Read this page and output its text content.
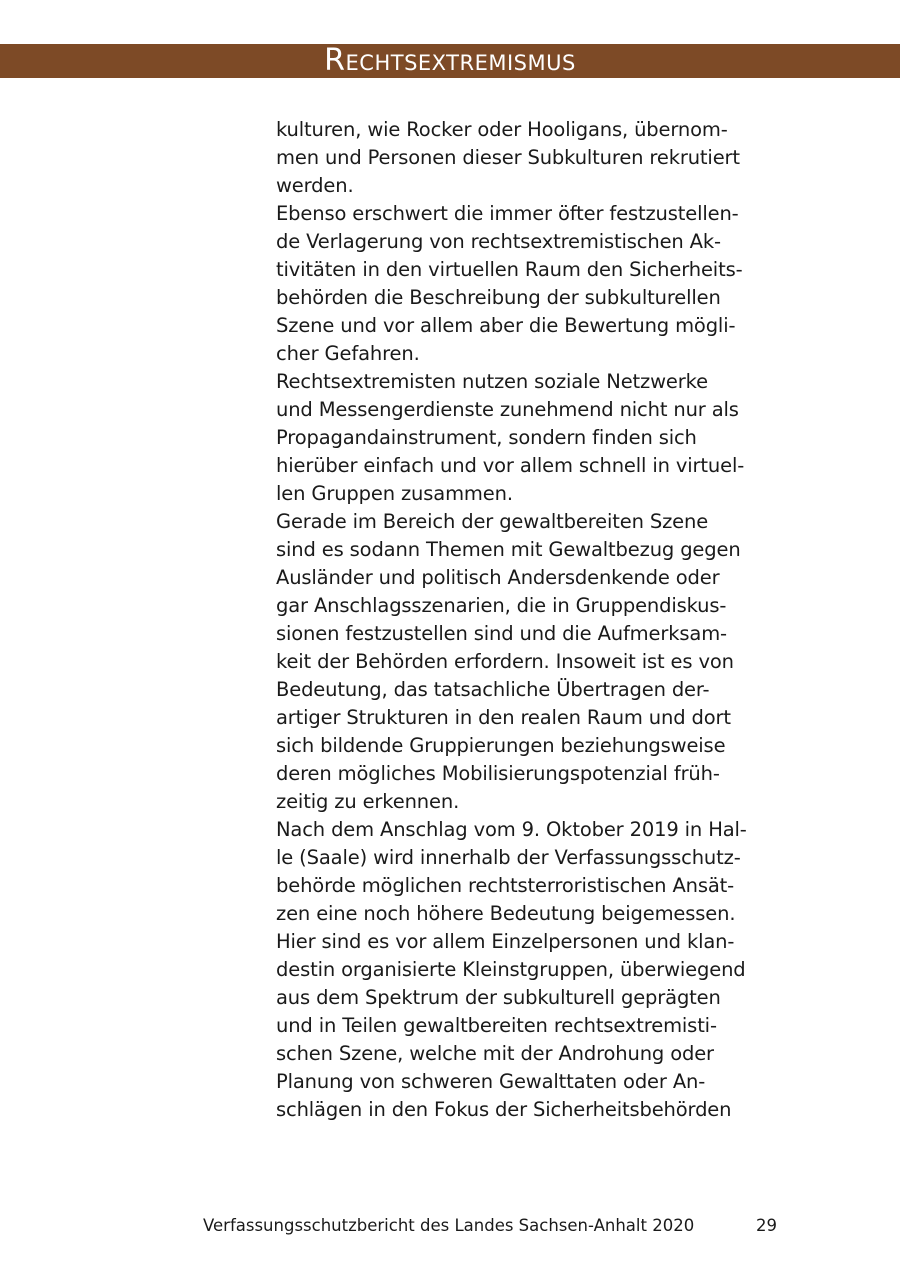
Rechtsextremismus
kulturen, wie Rocker oder Hooligans, übernom-
men und Personen dieser Subkulturen rekrutiert
werden.
Ebenso erschwert die immer öfter festzustellen-
de Verlagerung von rechtsextremistischen Ak-
tivitäten in den virtuellen Raum den Sicherheits-
behörden die Beschreibung der subkulturellen
Szene und vor allem aber die Bewertung mögli-
cher Gefahren.
Rechtsextremisten nutzen soziale Netzwerke
und Messengerdienste zunehmend nicht nur als
Propagandainstrument, sondern finden sich
hierüber einfach und vor allem schnell in virtuel-
len Gruppen zusammen.
Gerade im Bereich der gewaltbereiten Szene
sind es sodann Themen mit Gewaltbezug gegen
Ausländer und politisch Andersdenkende oder
gar Anschlagsszenarien, die in Gruppendiskus-
sionen festzustellen sind und die Aufmerksam-
keit der Behörden erfordern. Insoweit ist es von
Bedeutung, das tatsachliche Übertragen der-
artiger Strukturen in den realen Raum und dort
sich bildende Gruppierungen beziehungsweise
deren mögliches Mobilisierungspotenzial früh-
zeitig zu erkennen.
Nach dem Anschlag vom 9. Oktober 2019 in Hal-
le (Saale) wird innerhalb der Verfassungsschutz-
behörde möglichen rechtsterroristischen Ansät-
zen eine noch höhere Bedeutung beigemessen.
Hier sind es vor allem Einzelpersonen und klan-
destin organisierte Kleinstgruppen, überwiegend
aus dem Spektrum der subkulturell geprägten
und in Teilen gewaltbereiten rechtsextremisti-
schen Szene, welche mit der Androhung oder
Planung von schweren Gewalttaten oder An-
schlägen in den Fokus der Sicherheitsbehörden
Verfassungsschutzbericht des Landes Sachsen-Anhalt 2020	29
